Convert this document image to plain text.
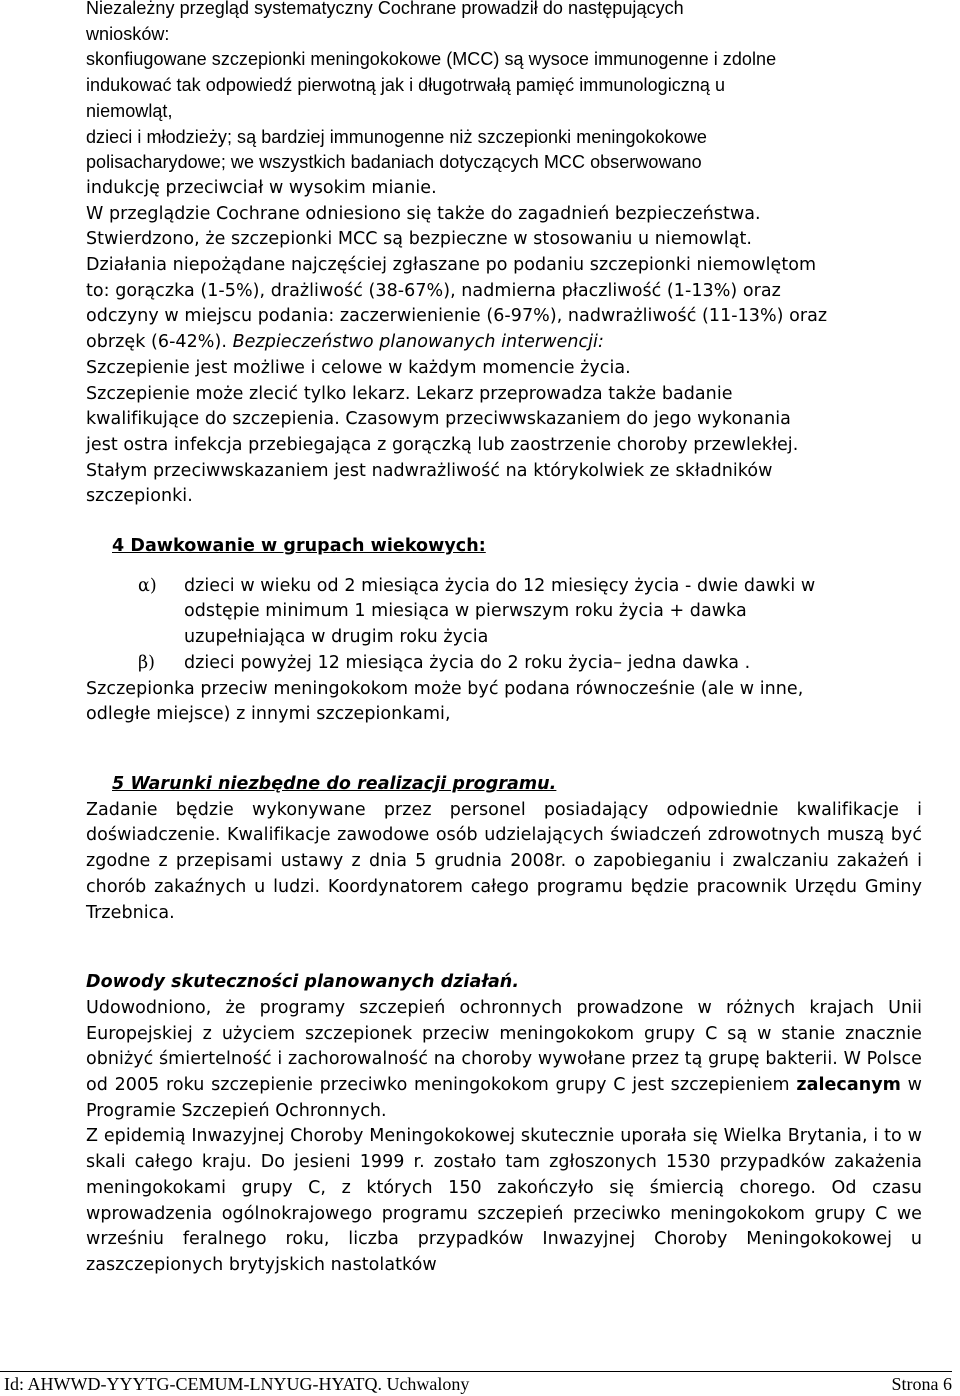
Niezależny przegląd systematyczny Cochrane prowadził do następujących
wniosków:
skonfiugowane szczepionki meningokokowe (MCC) są wysoce immunogenne i zdolne
indukować tak odpowiedź pierwotną jak i długotrwałą pamięć immunologiczną u
niemowląt,
dzieci i młodzieży; są bardziej immunogenne niż szczepionki meningokokowe
polisacharydowe; we wszystkich badaniach dotyczących MCC obserwowano
indukcję przeciwciał w wysokim mianie.
W przeglądzie Cochrane odniesiono się także do zagadnień bezpieczeństwa.
Stwierdzono, że szczepionki MCC są bezpieczne w stosowaniu u niemowląt.
Działania niepożądane najczęściej zgłaszane po podaniu szczepionki niemowlętom
to: gorączka (1-5%), drażliwość (38-67%), nadmierna płaczliwość (1-13%) oraz
odczyny w miejscu podania: zaczerwienienie (6-97%), nadwrażliwość (11-13%) oraz
obrzęk (6-42%). Bezpieczeństwo planowanych interwencji:
Szczepienie jest możliwe i celowe w każdym momencie życia.
Szczepienie może zlecić tylko lekarz. Lekarz przeprowadza także badanie
kwalifikujące do szczepienia. Czasowym przeciwwskazaniem do jego wykonania
jest ostra infekcja przebiegająca z gorączką lub zaostrzenie choroby przewlekłej.
Stałym przeciwwskazaniem jest nadwrażliwość na którykolwiek ze składników
szczepionki.
4 Dawkowanie w grupach wiekowych:
α) dzieci w wieku od 2 miesiąca życia do 12 miesięcy życia - dwie dawki w
odstępie minimum 1 miesiąca w pierwszym roku życia + dawka
uzupełniająca w drugim roku życia
β) dzieci powyżej 12 miesiąca życia do 2 roku życia– jedna dawka .
Szczepionka przeciw meningokokom może być podana równocześnie (ale w inne,
odległe miejsce) z innymi szczepionkami,
5 Warunki niezbędne do realizacji programu.

Zadanie będzie wykonywane przez personel posiadający odpowiednie kwalifikacje i doświadczenie. Kwalifikacje zawodowe osób udzielających świadczeń zdrowotnych muszą być zgodne z przepisami ustawy z dnia 5 grudnia 2008r. o zapobieganiu i zwalczaniu zakażeń i chorób zakaźnych u ludzi. Koordynatorem całego programu będzie pracownik Urzędu Gminy Trzebnica.

Dowody skuteczności planowanych działań.

Udowodniono, że programy szczepień ochronnych prowadzone w różnych krajach Unii Europejskiej z użyciem szczepionek przeciw meningokokom grupy C są w stanie znacznie obniżyć śmiertelność i zachorowalność na choroby wywołane przez tą grupę bakterii. W Polsce od 2005 roku szczepienie przeciwko meningokokom grupy C jest szczepieniem zalecanym w Programie Szczepień Ochronnych.

Z epidemią Inwazyjnej Choroby Meningokokowej skutecznie uporała się Wielka Brytania, i to w skali całego kraju. Do jesieni 1999 r. zostało tam zgłoszonych 1530 przypadków zakażenia meningokokami grupy C, z których 150 zakończyło się śmiercią chorego. Od czasu wprowadzenia ogólnokrajowego programu szczepień przeciwko meningokokom grupy C we wrześniu feralnego roku, liczba przypadków Inwazyjnej Choroby Meningokokowej u zaszczepionych brytyjskich nastolatków

Id: AHWWD-YYYTG-CEMUM-LNYUG-HYATQ. Uchwalony	Strona 6
